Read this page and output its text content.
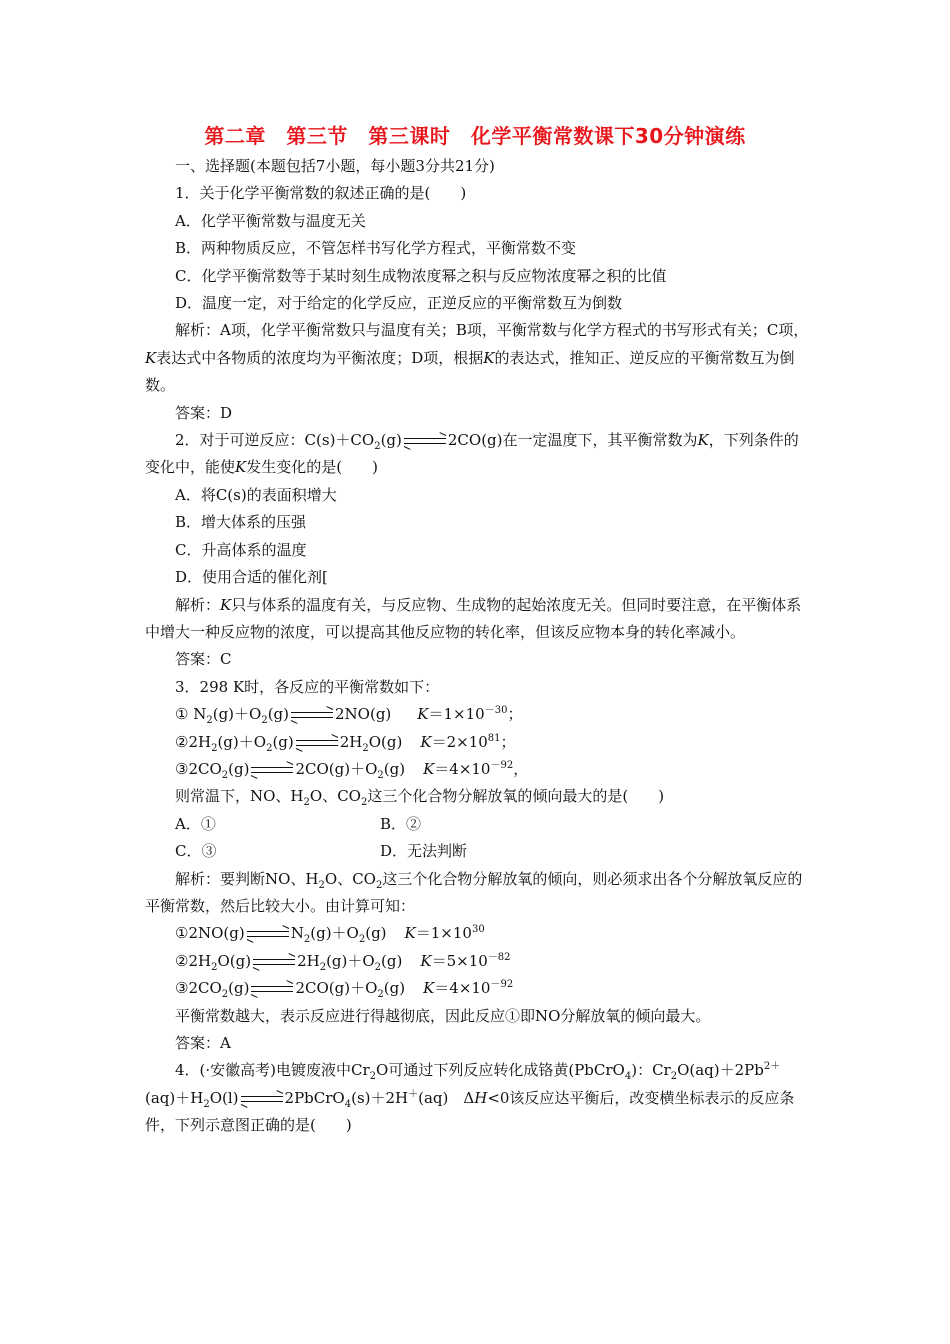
第二章　第三节　第三课时　化学平衡常数课下30分钟演练

一、选择题(本题包括7小题，每小题3分共21分)

1．关于化学平衡常数的叙述正确的是(　　)

A．化学平衡常数与温度无关

B．两种物质反应，不管怎样书写化学方程式，平衡常数不变

C．化学平衡常数等于某时刻生成物浓度幂之积与反应物浓度幂之积的比值

D．温度一定，对于给定的化学反应，正逆反应的平衡常数互为倒数

解析：A项，化学平衡常数只与温度有关；B项，平衡常数与化学方程式的书写形式有关；C项，K表达式中各物质的浓度均为平衡浓度；D项，根据K的表达式，推知正、逆反应的平衡常数互为倒数。

答案：D

2．对于可逆反应：$C(s)+CO_2(g)$	2CO(g)在一定温度下，其平衡常数为K，下列条件的变化中，能使K发生变化的是(　　)

A．将C(s)的表面积增大

B．增大体系的压强

C．升高体系的温度

D．使用合适的催化剂[

解析：K只与体系的温度有关，与反应物、生成物的起始浓度无关。但同时要注意，在平衡体系中增大一种反应物的浓度，可以提高其他反应物的转化率，但该反应物本身的转化率减小。

答案：C

3．298 K时，各反应的平衡常数如下：

① $N_2(g)+O_2(g)$	2NO(g) $K=1\times 10^{-30}$；

$②2H_2(g)+O_2(g)$	$2H_2O(g)$ $K=2\times 10^{81}$；

$③2CO_2(g)$	$2CO(g)+O_2(g)$ $K=4\times 10^{-92}$，

则常温下，NO、$H_2O$、$CO_2$这三个化合物分解放氧的倾向最大的是(　　)

A．①	B．②

C．③	D．无法判断

解析：要判断NO、$H_2O$、$CO_2$这三个化合物分解放氧的倾向，则必须求出各个分解放氧反应的平衡常数，然后比较大小。由计算可知：

①2NO(g)	$N_2(g)+O_2(g)$ $K=1\times 10^{30}$

$②2H_2O(g)$	$2H_2(g)+O_2(g)$ $K=5\times 10^{-82}$

$③2CO_2(g)$	$2CO(g)+O_2(g)$ $K=4\times 10^{-92}$

平衡常数越大，表示反应进行得越彻底，因此反应①即NO分解放氧的倾向最大。

答案：A

4．(·安徽高考)电镀废液中$Cr_2O$可通过下列反应转化成铬黄(PbCrO$_4$)：$Cr_2O(aq)+2Pb^{2+}(aq)+H_2O(l)$	2PbCrO$_4$(s)＋2H＋(aq)　ΔH<0该反应达平衡后，改变横坐标表示的反应条件，下列示意图正确的是(　　)
